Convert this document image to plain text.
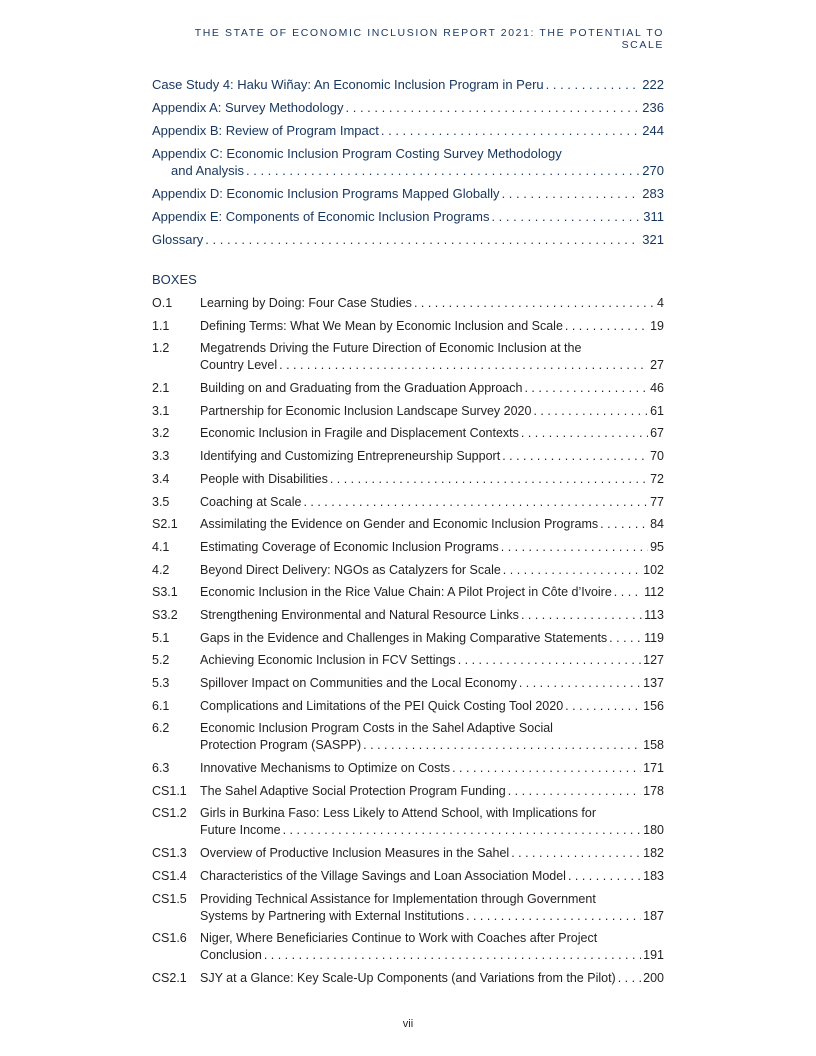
THE STATE OF ECONOMIC INCLUSION REPORT 2021: THE POTENTIAL TO SCALE
Case Study 4: Haku Wiñay: An Economic Inclusion Program in Peru . . .	222
Appendix A: Survey Methodology . . .	236
Appendix B: Review of Program Impact . . .	244
Appendix C: Economic Inclusion Program Costing Survey Methodology
and Analysis . . .	270
Appendix D: Economic Inclusion Programs Mapped Globally . . .	283
Appendix E: Components of Economic Inclusion Programs . . .	311
Glossary . . .	321
BOXES
O.1	Learning by Doing: Four Case Studies . . .	4
1.1	Defining Terms: What We Mean by Economic Inclusion and Scale . . .	19
1.2	Megatrends Driving the Future Direction of Economic Inclusion at the
Country Level . . .	27
2.1	Building on and Graduating from the Graduation Approach . . .	46
3.1	Partnership for Economic Inclusion Landscape Survey 2020 . . .	61
3.2	Economic Inclusion in Fragile and Displacement Contexts . . .	67
3.3	Identifying and Customizing Entrepreneurship Support . . .	70
3.4	People with Disabilities . . .	72
3.5	Coaching at Scale . . .	77
S2.1	Assimilating the Evidence on Gender and Economic Inclusion Programs . . .	84
4.1	Estimating Coverage of Economic Inclusion Programs . . .	95
4.2	Beyond Direct Delivery: NGOs as Catalyzers for Scale . . .	102
S3.1	Economic Inclusion in the Rice Value Chain: A Pilot Project in Côte d’Ivoire . . .	112
S3.2	Strengthening Environmental and Natural Resource Links . . .	113
5.1	Gaps in the Evidence and Challenges in Making Comparative Statements . . .	119
5.2	Achieving Economic Inclusion in FCV Settings . . .	127
5.3	Spillover Impact on Communities and the Local Economy . . .	137
6.1	Complications and Limitations of the PEI Quick Costing Tool 2020 . . .	156
6.2	Economic Inclusion Program Costs in the Sahel Adaptive Social
Protection Program (SASPP) . . .	158
6.3	Innovative Mechanisms to Optimize on Costs . . .	171
CS1.1	The Sahel Adaptive Social Protection Program Funding . . .	178
CS1.2	Girls in Burkina Faso: Less Likely to Attend School, with Implications for
Future Income . . .	180
CS1.3	Overview of Productive Inclusion Measures in the Sahel . . .	182
CS1.4	Characteristics of the Village Savings and Loan Association Model . . .	183
CS1.5	Providing Technical Assistance for Implementation through Government
Systems by Partnering with External Institutions . . .	187
CS1.6	Niger, Where Beneficiaries Continue to Work with Coaches after Project
Conclusion . . .	191
CS2.1	SJY at a Glance: Key Scale-Up Components (and Variations from the Pilot) . . . 200
vii
